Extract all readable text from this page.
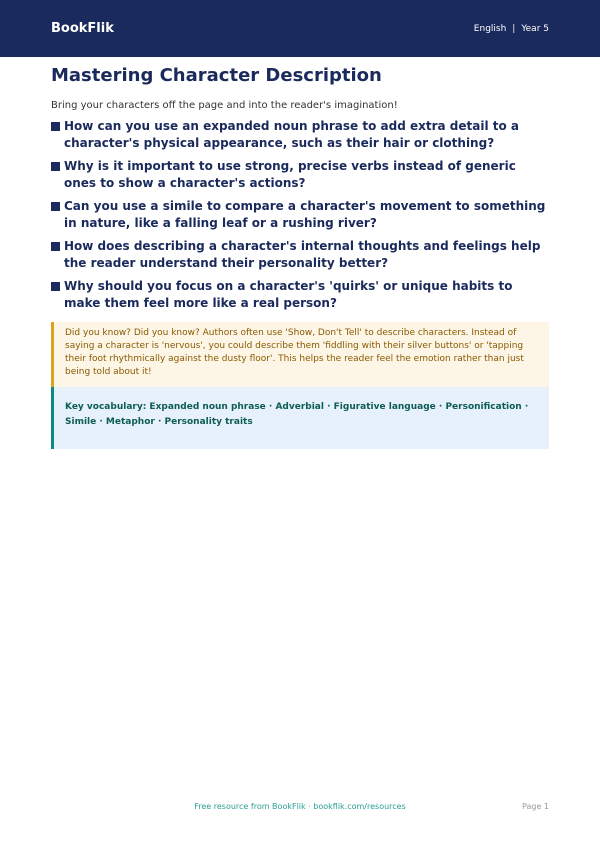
BookFlik	English | Year 5
Mastering Character Description

Bring your characters off the page and into the reader's imagination!

How can you use an expanded noun phrase to add extra detail to a character's physical appearance, such as their hair or clothing?
Why is it important to use strong, precise verbs instead of generic ones to show a character's actions?
Can you use a simile to compare a character's movement to something in nature, like a falling leaf or a rushing river?
How does describing a character's internal thoughts and feelings help the reader understand their personality better?
Why should you focus on a character's 'quirks' or unique habits to make them feel more like a real person?

Did you know? Did you know? Authors often use 'Show, Don't Tell' to describe characters. Instead of saying a character is 'nervous', you could describe them 'fiddling with their silver buttons' or 'tapping their foot rhythmically against the dusty floor'. This helps the reader feel the emotion rather than just being told about it!

Key vocabulary: Expanded noun phrase · Adverbial · Figurative language · Personification · Simile · Metaphor · Personality traits

Free resource from BookFlik · bookflik.com/resources	Page 1
